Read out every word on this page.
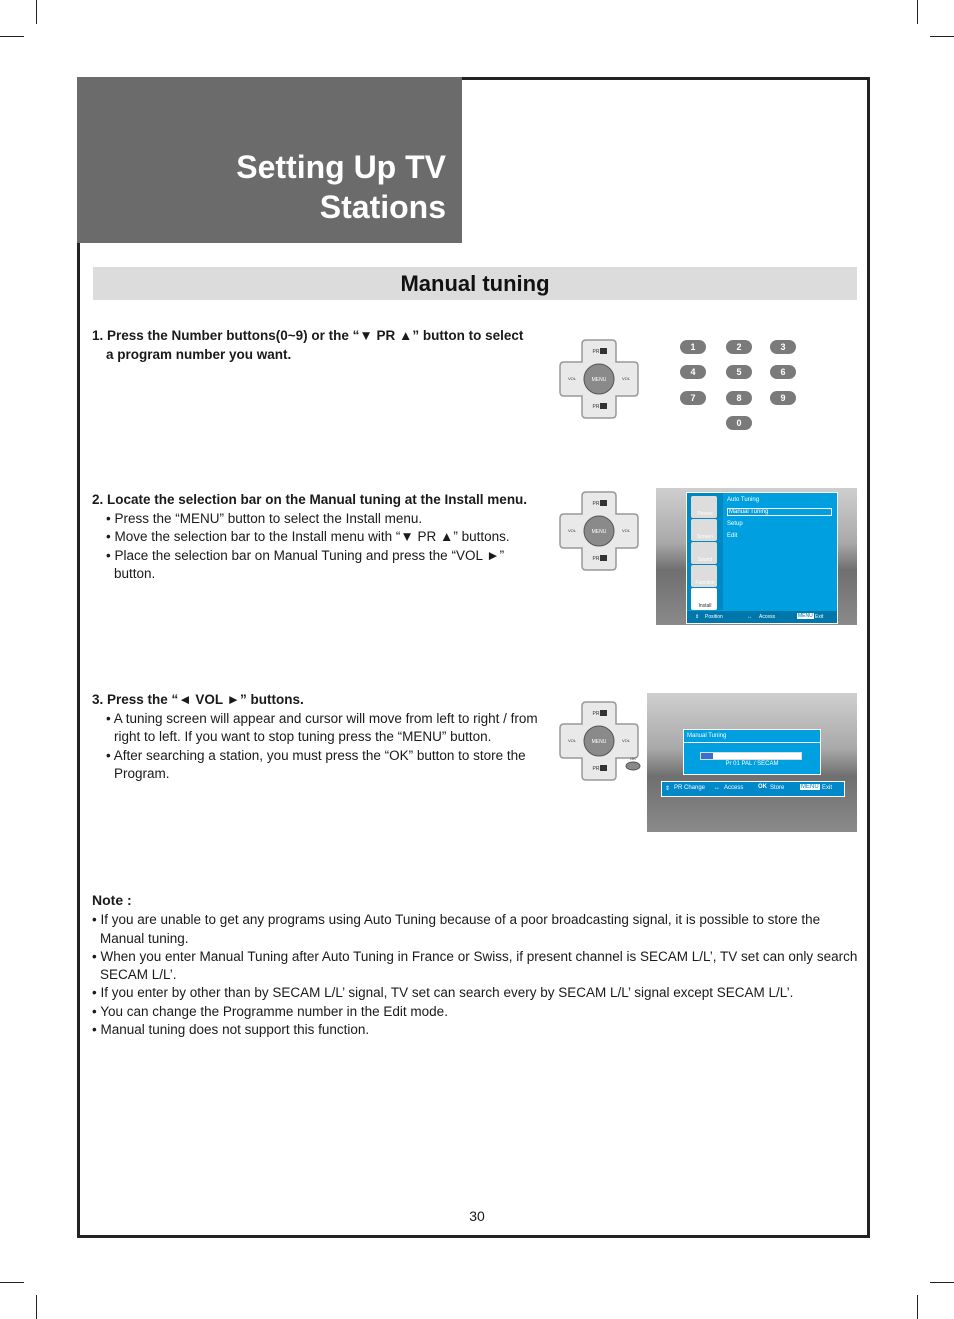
Setting Up TV
Stations
Manual tuning
1. Press the Number buttons(0~9) or the “▼ PR ▲” button to select
a program number you want.
2. Locate the selection bar on the Manual tuning at the Install menu.
• Press the “MENU” button to select the Install menu.
• Move the selection bar to the Install menu with “▼ PR ▲” buttons.
• Place the selection bar on Manual Tuning and press the “VOL ►” button.
3. Press the “◄ VOL ►” buttons.
• A tuning screen will appear and cursor will move from left to right / from right to left. If you want to stop tuning press the “MENU” button.
• After searching a station, you must press the “OK” button to store the Program.
MENU
PR
PR
VOL	VOL
1	2	3
4	5	6
7	8	9
0
MENU
PR
PR
VOL	VOL
Picture
Screen
Sound
Function
Install
Auto Tuning
Manual Tuning
Setup
Edit
⇕ Position	↔ Access	MENU Exit
MENU
PR
PR
VOL	VOL
OK
Manual Tuning
Pr 01 PAL / SECAM
⇕ PR Change ↔ Access OK Store	MENU Exit
Note :
• If you are unable to get any programs using Auto Tuning because of a poor broadcasting signal, it is possible to store the Manual tuning.
• When you enter Manual Tuning after Auto Tuning in France or Swiss, if present channel is SECAM L/L’, TV set can only search SECAM L/L’.
• If you enter by other than by SECAM L/L’ signal, TV set can search every by SECAM L/L’ signal except SECAM L/L’.
• You can change the Programme number in the Edit mode.
• Manual tuning does not support this function.
30
